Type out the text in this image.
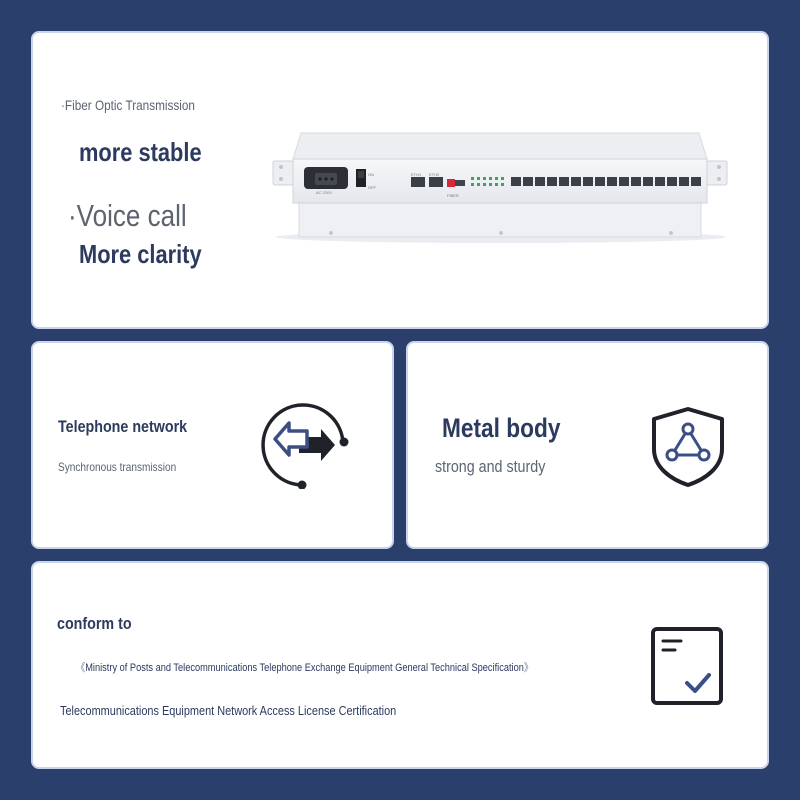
·Fiber Optic Transmission
more stable
·Voice call
More clarity
AC 220V
ON
OFF
ETH1 ETH2
FIBER
Telephone network
Synchronous transmission
Metal body
strong and sturdy
conform to
《Ministry of Posts and Telecommunications Telephone Exchange Equipment General Technical Specification》
Telecommunications Equipment Network Access License Certification
